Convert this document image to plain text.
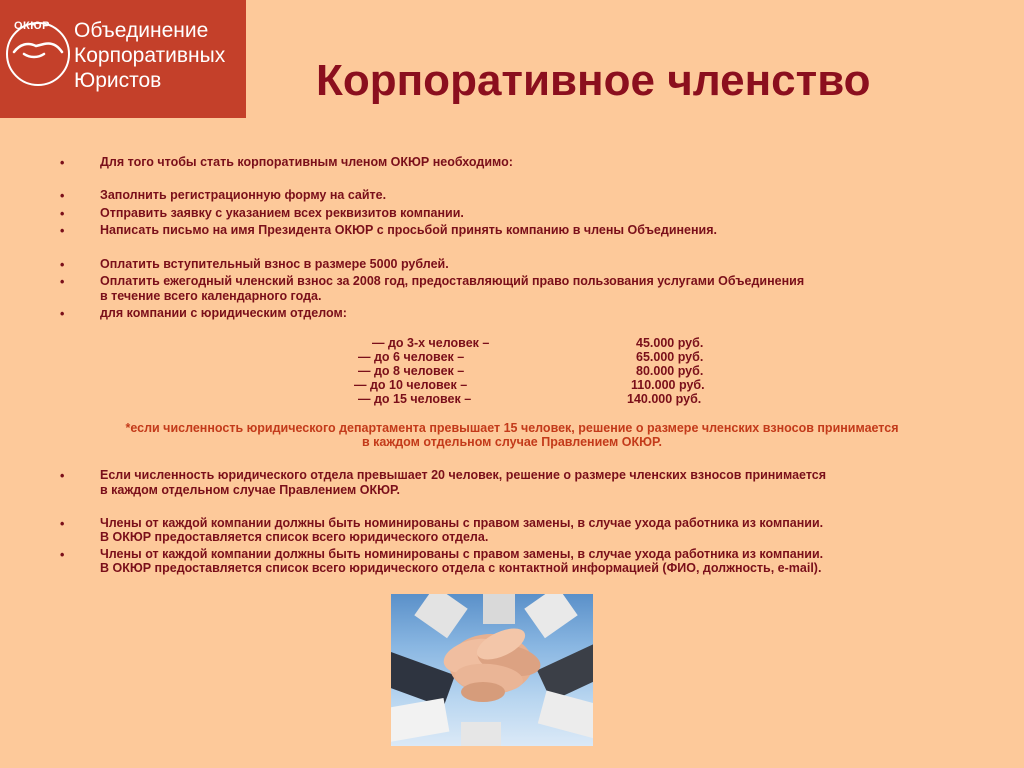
ОКЮР Объединение
Корпоративных
Юристов	Корпоративное членство
•	Для того чтобы стать корпоративным членом ОКЮР необходимо:
•	Заполнить регистрационную форму на сайте.
•	Отправить заявку с указанием всех реквизитов компании.
•	Написать письмо на имя Президента ОКЮР с просьбой принять компанию в члены Объединения.
•	Оплатить вступительный взнос в размере 5000 рублей.
•	Оплатить ежегодный членский взнос за 2008 год, предоставляющий право пользования услугами Объединения
в течение всего календарного года.
•	для компании с юридическим отделом:
— до 3-х человек –	45.000 руб.
— до 6 человек –	65.000 руб.
— до 8 человек –	80.000 руб.
— до 10 человек –	110.000 руб.
— до 15 человек –	140.000 руб.
*если численность юридического департамента превышает 15 человек, решение о размере членских взносов принимается
в каждом отдельном случае Правлением ОКЮР.
•	Если численность юридического отдела превышает 20 человек, решение о размере членских взносов принимается
в каждом отдельном случае Правлением ОКЮР.
•	Члены от каждой компании должны быть номинированы с правом замены, в случае ухода работника из компании.
В ОКЮР предоставляется список всего юридического отдела.
•	Члены от каждой компании должны быть номинированы с правом замены, в случае ухода работника из компании.
В ОКЮР предоставляется список всего юридического отдела с контактной информацией (ФИО, должность, e-mail).
